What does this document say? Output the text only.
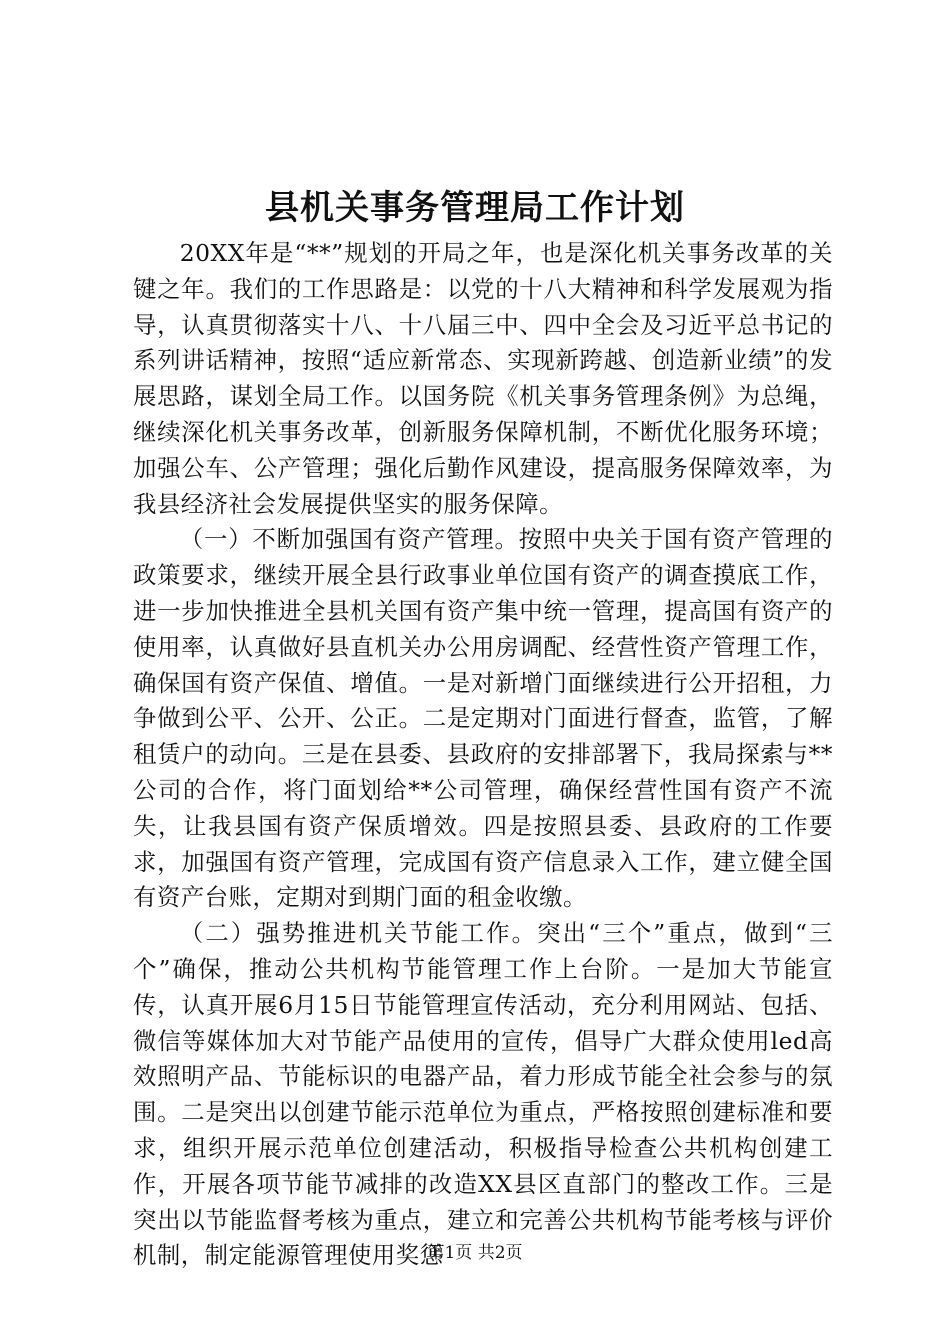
县机关事务管理局工作计划

20XX年是“**”规划的开局之年，也是深化机关事务改革的关键之年。我们的工作思路是：以党的十八大精神和科学发展观为指导，认真贯彻落实十八、十八届三中、四中全会及习近平总书记的系列讲话精神，按照“适应新常态、实现新跨越、创造新业绩”的发展思路，谋划全局工作。以国务院《机关事务管理条例》为总绳，继续深化机关事务改革，创新服务保障机制，不断优化服务环境；加强公车、公产管理；强化后勤作风建设，提高服务保障效率，为我县经济社会发展提供坚实的服务保障。

（一）不断加强国有资产管理。按照中央关于国有资产管理的政策要求，继续开展全县行政事业单位国有资产的调查摸底工作，进一步加快推进全县机关国有资产集中统一管理，提高国有资产的使用率，认真做好县直机关办公用房调配、经营性资产管理工作，确保国有资产保值、增值。一是对新增门面继续进行公开招租，力争做到公平、公开、公正。二是定期对门面进行督查，监管，了解租赁户的动向。三是在县委、县政府的安排部署下，我局探索与**公司的合作，将门面划给**公司管理，确保经营性国有资产不流失，让我县国有资产保质增效。四是按照县委、县政府的工作要求，加强国有资产管理，完成国有资产信息录入工作，建立健全国有资产台账，定期对到期门面的租金收缴。

（二）强势推进机关节能工作。突出“三个”重点，做到“三个”确保，推动公共机构节能管理工作上台阶。一是加大节能宣传，认真开展6月15日节能管理宣传活动，充分利用网站、包括、微信等媒体加大对节能产品使用的宣传，倡导广大群众使用led高效照明产品、节能标识的电器产品，着力形成节能全社会参与的氛围。二是突出以创建节能示范单位为重点，严格按照创建标准和要求，组织开展示范单位创建活动，积极指导检查公共机构创建工作，开展各项节能节减排的改造XX县区直部门的整改工作。三是突出以节能监督考核为重点，建立和完善公共机构节能考核与评价机制，制定能源管理使用奖惩

第1页 共2页
